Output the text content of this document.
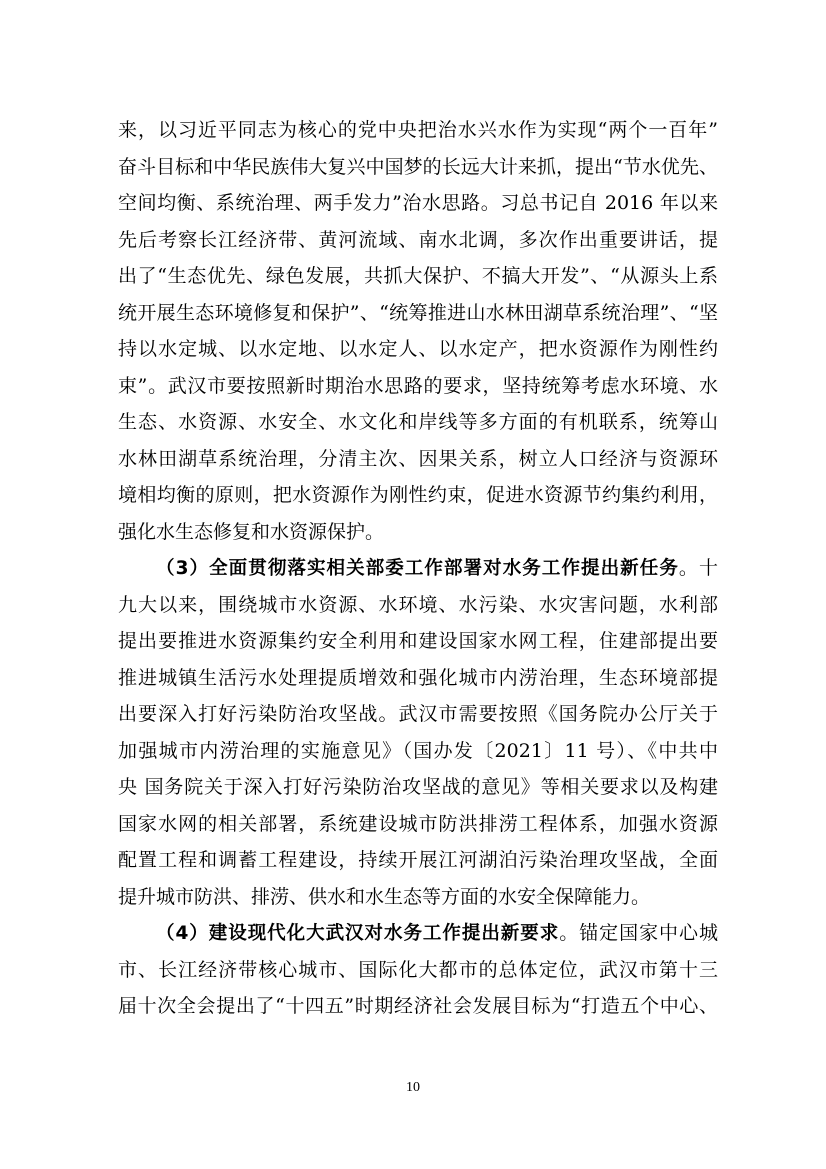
来，以习近平同志为核心的党中央把治水兴水作为实现“两个一百年”
奋斗目标和中华民族伟大复兴中国梦的长远大计来抓，提出“节水优先、
空间均衡、系统治理、两手发力”治水思路。习总书记自 2016 年以来
先后考察长江经济带、黄河流域、南水北调，多次作出重要讲话，提
出了“生态优先、绿色发展，共抓大保护、不搞大开发”、“从源头上系
统开展生态环境修复和保护”、“统筹推进山水林田湖草系统治理”、“坚
持以水定城、以水定地、以水定人、以水定产，把水资源作为刚性约
束”。武汉市要按照新时期治水思路的要求，坚持统筹考虑水环境、水
生态、水资源、水安全、水文化和岸线等多方面的有机联系，统筹山
水林田湖草系统治理，分清主次、因果关系，树立人口经济与资源环
境相均衡的原则，把水资源作为刚性约束，促进水资源节约集约利用，
强化水生态修复和水资源保护。
（3）全面贯彻落实相关部委工作部署对水务工作提出新任务。十
九大以来，围绕城市水资源、水环境、水污染、水灾害问题，水利部
提出要推进水资源集约安全利用和建设国家水网工程，住建部提出要
推进城镇生活污水处理提质增效和强化城市内涝治理，生态环境部提
出要深入打好污染防治攻坚战。武汉市需要按照《国务院办公厅关于
加强城市内涝治理的实施意见》（国办发〔2021〕11 号）、《中共中
央 国务院关于深入打好污染防治攻坚战的意见》等相关要求以及构建
国家水网的相关部署，系统建设城市防洪排涝工程体系，加强水资源
配置工程和调蓄工程建设，持续开展江河湖泊污染治理攻坚战，全面
提升城市防洪、排涝、供水和水生态等方面的水安全保障能力。
（4）建设现代化大武汉对水务工作提出新要求。锚定国家中心城
市、长江经济带核心城市、国际化大都市的总体定位，武汉市第十三
届十次全会提出了“十四五”时期经济社会发展目标为“打造五个中心、
10
